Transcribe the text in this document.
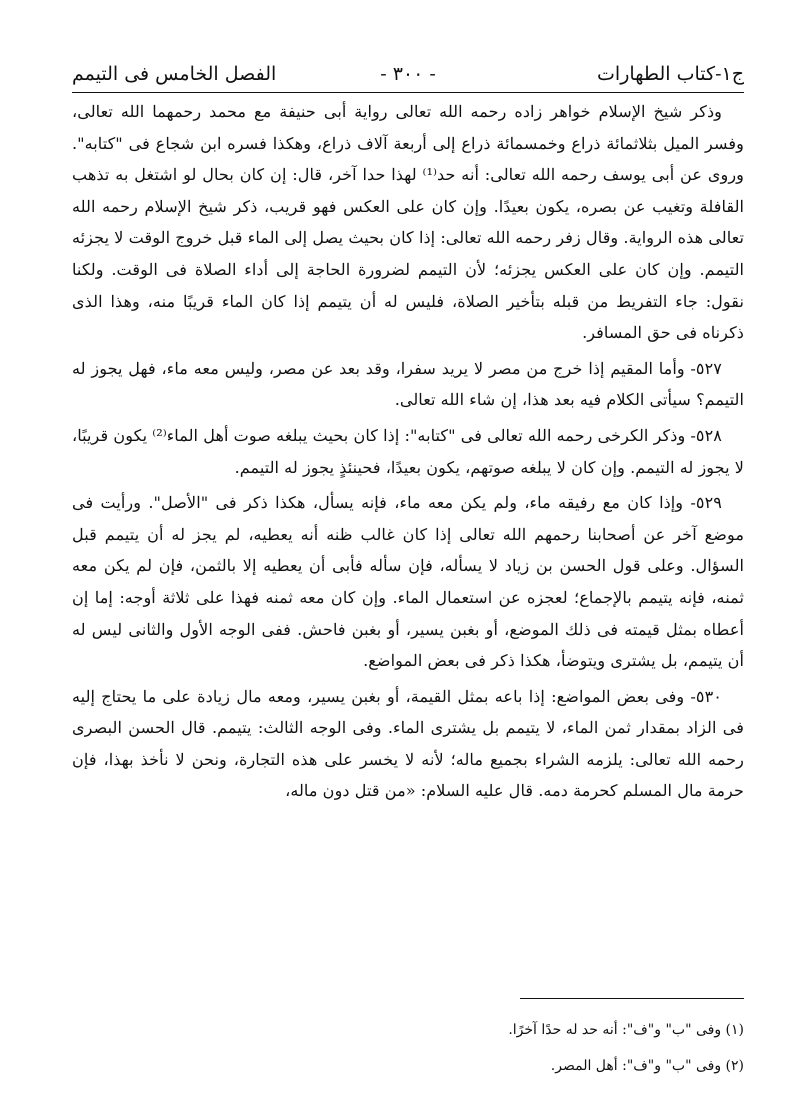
ج١-كتاب الطهارات
- ٣٠٠ -
الفصل الخامس فى التيمم

وذكر شيخ الإسلام خواهر زاده رحمه الله تعالى رواية أبى حنيفة مع محمد رحمهما الله تعالى، وفسر الميل بثلاثمائة ذراع وخمسمائة ذراع إلى أربعة آلاف ذراع، وهكذا فسره ابن شجاع فى "كتابه". وروى عن أبى يوسف رحمه الله تعالى: أنه حد⁽¹⁾ لهذا حدا آخر، قال: إن كان بحال لو اشتغل به تذهب القافلة وتغيب عن بصره، يكون بعيدًا. وإن كان على العكس فهو قريب، ذكر شيخ الإسلام رحمه الله تعالى هذه الرواية. وقال زفر رحمه الله تعالى: إذا كان بحيث يصل إلى الماء قبل خروج الوقت لا يجزئه التيمم. وإن كان على العكس يجزئه؛ لأن التيمم لضرورة الحاجة إلى أداء الصلاة فى الوقت. ولكنا نقول: جاء التفريط من قبله بتأخير الصلاة، فليس له أن يتيمم إذا كان الماء قريبًا منه، وهذا الذى ذكرناه فى حق المسافر.

٥٢٧- وأما المقيم إذا خرج من مصر لا يريد سفرا، وقد بعد عن مصر، وليس معه ماء، فهل يجوز له التيمم؟ سيأتى الكلام فيه بعد هذا، إن شاء الله تعالى.

٥٢٨- وذكر الكرخى رحمه الله تعالى فى "كتابه": إذا كان بحيث يبلغه صوت أهل الماء⁽²⁾ يكون قريبًا، لا يجوز له التيمم. وإن كان لا يبلغه صوتهم، يكون بعيدًا، فحينئذٍ يجوز له التيمم.

٥٢٩- وإذا كان مع رفيقه ماء، ولم يكن معه ماء، فإنه يسأل، هكذا ذكر فى "الأصل". ورأيت فى موضع آخر عن أصحابنا رحمهم الله تعالى إذا كان غالب ظنه أنه يعطيه، لم يجز له أن يتيمم قبل السؤال. وعلى قول الحسن بن زياد لا يسأله، فإن سأله فأبى أن يعطيه إلا بالثمن، فإن لم يكن معه ثمنه، فإنه يتيمم بالإجماع؛ لعجزه عن استعمال الماء. وإن كان معه ثمنه فهذا على ثلاثة أوجه: إما إن أعطاه بمثل قيمته فى ذلك الموضع، أو بغبن يسير، أو بغبن فاحش. ففى الوجه الأول والثانى ليس له أن يتيمم، بل يشترى ويتوضأ، هكذا ذكر فى بعض المواضع.

٥٣٠- وفى بعض المواضع: إذا باعه بمثل القيمة، أو بغبن يسير، ومعه مال زيادة على ما يحتاج إليه فى الزاد بمقدار ثمن الماء، لا يتيمم بل يشترى الماء. وفى الوجه الثالث: يتيمم. قال الحسن البصرى رحمه الله تعالى: يلزمه الشراء بجميع ماله؛ لأنه لا يخسر على هذه التجارة، ونحن لا نأخذ بهذا، فإن حرمة مال المسلم كحرمة دمه. قال عليه السلام: «من قتل دون ماله،

(١) وفى "ب" و"ف": أنه حد له حدًا آخرًا.
(٢) وفى "ب" و"ف": أهل المصر.
